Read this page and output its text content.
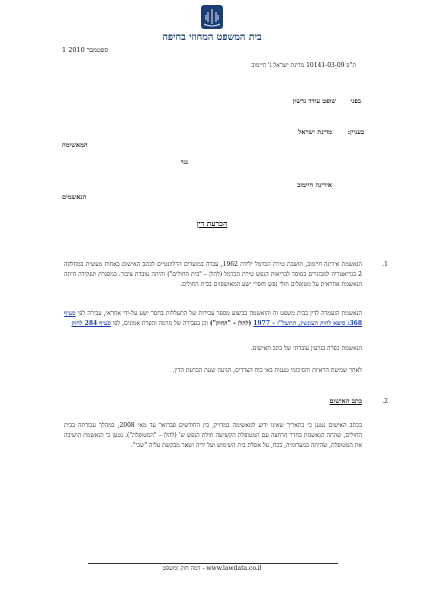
בית המשפט המחוזי בחיפה
1 ספטמבר 2010
ת"פ 10141-03-09 מדינת ישראל נ' חיימוב
בפני
שופט עודד גרשון
בעניין:
מדינת ישראל
המאשימה
נגד
אירינה חיימוב
הנאשמים
הכרעת דין
1.
הנאשמת אירינה חיימוב, תושבת טירת הכרמל ילידת 1962, עבדה במועדים הרלוונטיים לכתב האישום כאחות מעשית במחלקה 2 בגריאטריה למבוגרים במוסד לבריאות הנפש טירת הכרמל (להלן – "בית החולים") והיתה עובדת ציבור. במסגרת תפקידה היתה הנאשמת אחראית על מטופלים חולי נפש וחסרי ישע המאושפזים בבית החולים.
הנאשמת הועמדה לדין בבית משפט זה והואשמה בביצוע מספר עבירות של התעללות בחסר ישע על-ידי אחראי, עבירה לפי סעיף 368ג סיפא לחוק העונשין, התשל"ז – 1977 (להלן – "החוק") וכן בעבירה של מרמה והפרת אמונים, לפי סעיף 284 לחוק
הנאשמת כפרה בגרעין עובדתי של כתב האישום.
לאחר שמיעת הראיות והסיכומי טענות באי כוח הצדדים, הגיעה שעת הכרעת הדין.
2.
כתב האישום
בכתב האישום נטען כי בתאריך שאינו ידוע למאשימה במדויק, בין החודשים פברואר עד מאי 2008, במהלך עבודתה בבית החולים, שהתה הנאשמת בחדר הרחצה עם המטופלת הקשישה חולת הנפש ש' (להלן – "המטופלת"). נטען כי הנאשמת הושיבה את המטופלת, שהיתה במערומיה, בכח, על אסלת בית השימוש ועל ידיה ושאר מבקשת עליה "שבי".
www.lawdata.co.il - דטה חוק ומשפט
